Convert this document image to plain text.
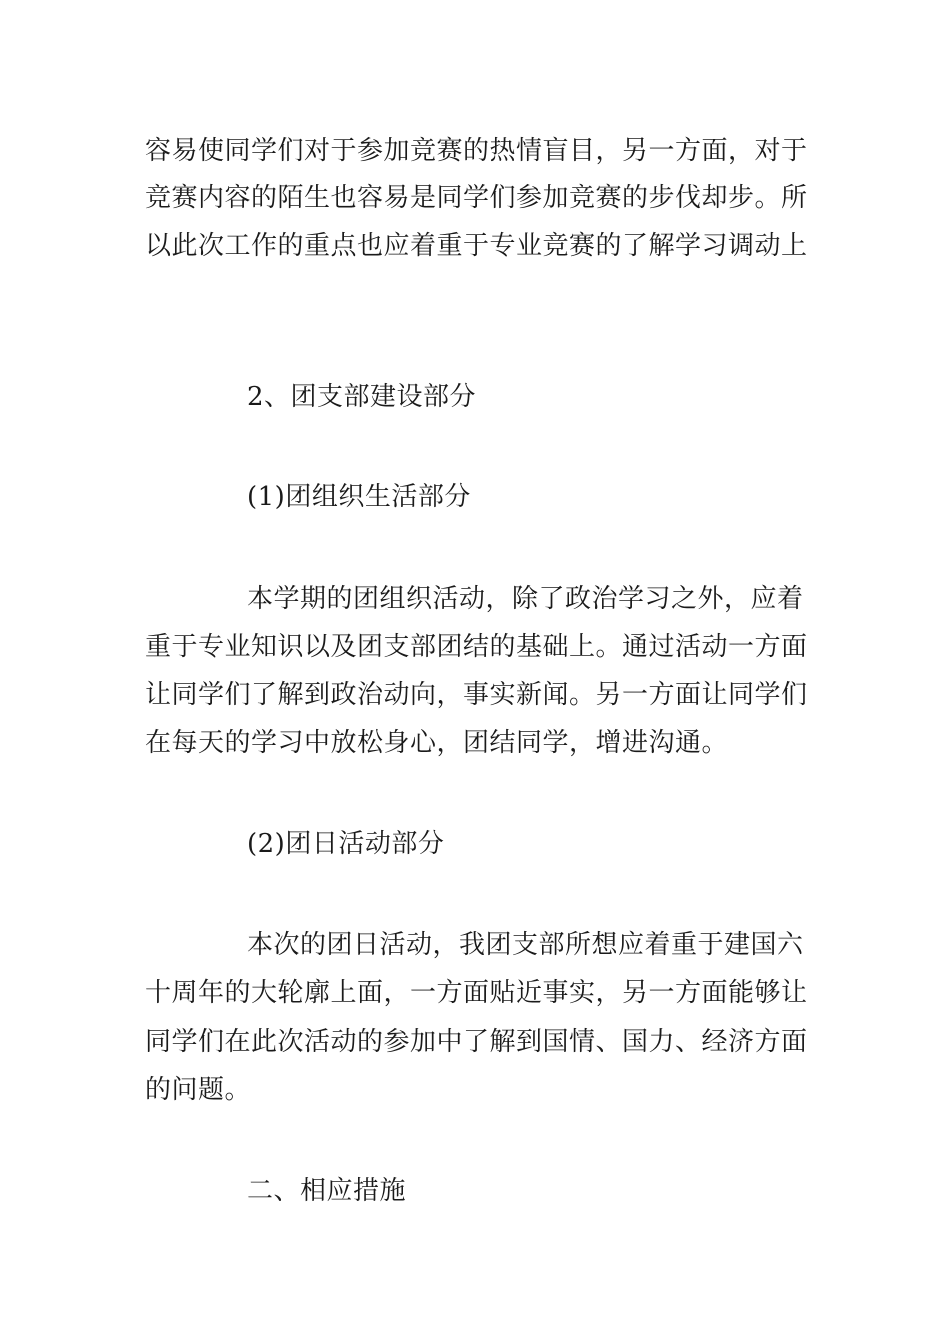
容易使同学们对于参加竞赛的热情盲目，另一方面，对于
竞赛内容的陌生也容易是同学们参加竞赛的步伐却步。所
以此次工作的重点也应着重于专业竞赛的了解学习调动上
2、团支部建设部分
(1)团组织生活部分
本学期的团组织活动，除了政治学习之外，应着
重于专业知识以及团支部团结的基础上。通过活动一方面
让同学们了解到政治动向，事实新闻。另一方面让同学们
在每天的学习中放松身心，团结同学，增进沟通。
(2)团日活动部分
本次的团日活动，我团支部所想应着重于建国六
十周年的大轮廓上面，一方面贴近事实，另一方面能够让
同学们在此次活动的参加中了解到国情、国力、经济方面
的问题。
二、相应措施
